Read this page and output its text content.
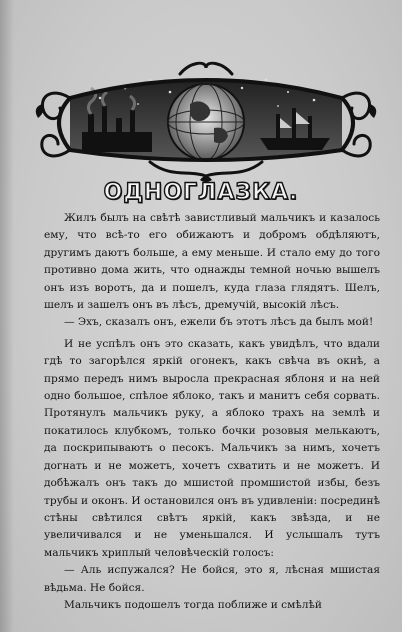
ОДНОГЛАЗКА.

Жилъ былъ на свѣтѣ завистливый мальчикъ и казалось ему, что всѣ-то его обижаютъ и добромъ обдѣляютъ, другимъ даютъ больше, а ему меньше. И стало ему до того противно дома жить, что однажды темной ночью вышелъ онъ изъ воротъ, да и пошелъ, куда глаза глядятъ. Шелъ, шелъ и зашелъ онъ въ лѣсъ, дремучій, высокій лѣсъ.

— Эхъ, сказалъ онъ, ежели бъ этотъ лѣсъ да былъ мой!

И не успѣлъ онъ это сказать, какъ увидѣлъ, что вдали гдѣ то загорѣлся яркій огонекъ, какъ свѣча въ окнѣ, а прямо передъ нимъ выросла прекрасная яблоня и на ней одно большое, спѣлое яблоко, такъ и манитъ себя сорвать. Протянулъ мальчикъ руку, а яблоко трахъ на землѣ и покатилось клубкомъ, только бочки розовыя мелькаютъ, да поскрипываютъ о песокъ. Мальчикъ за нимъ, хочетъ догнать и не можетъ, хочетъ схватить и не можетъ. И добѣжалъ онъ такъ до мшистой промшистой избы, безъ трубы и оконъ. И остановился онъ въ удивленіи: посрединѣ стѣны свѣтился свѣтъ яркій, какъ звѣзда, и не увеличивался и не уменьшался. И услышалъ тутъ мальчикъ хриплый человѣческій голосъ:

— Аль испужался? Не бойся, это я, лѣсная мшистая вѣдьма. Не бойся.

Мальчикъ подошелъ тогда поближе и смѣлѣй
